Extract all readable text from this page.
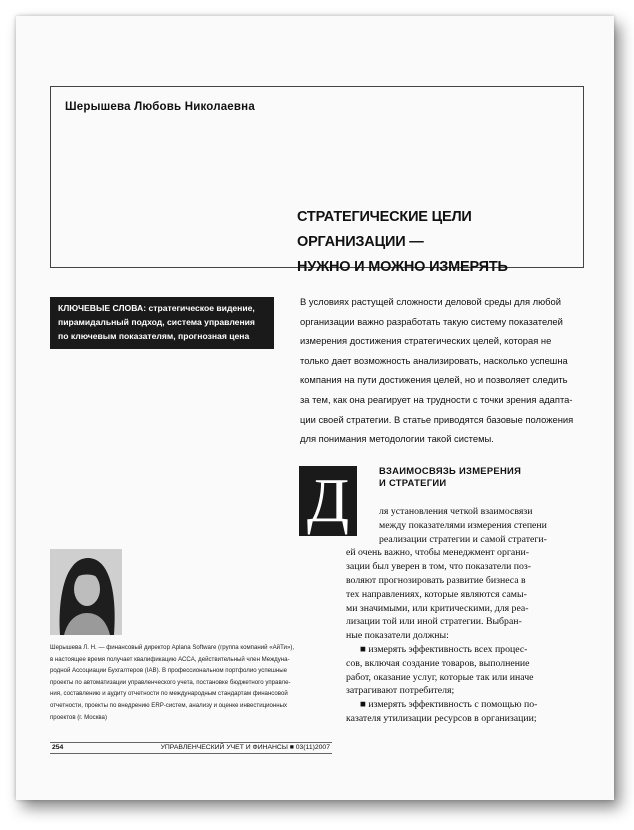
Шерышева Любовь Николаевна
СТРАТЕГИЧЕСКИЕ ЦЕЛИ ОРГАНИЗАЦИИ —
НУЖНО И МОЖНО ИЗМЕРЯТЬ
КЛЮЧЕВЫЕ СЛОВА: стратегическое видение,
пирамидальный подход, система управления
по ключевым показателям, прогнозная цена
В условиях растущей сложности деловой среды для любой
организации важно разработать такую систему показателей
измерения достижения стратегических целей, которая не
только дает возможность анализировать, насколько успешна
компания на пути достижения целей, но и позволяет следить
за тем, как она реагирует на трудности с точки зрения адапта-
ции своей стратегии. В статье приводятся базовые положения
для понимания методологии такой системы.
Д	ВЗАИМОСВЯЗЬ ИЗМЕРЕНИЯ
И СТРАТЕГИИ
ля установления четкой взаимосвязи
между показателями измерения степени
реализации стратегии и самой стратеги-
ей очень важно, чтобы менеджмент органи-
зации был уверен в том, что показатели поз-
воляют прогнозировать развитие бизнеса в
тех направлениях, которые являются самы-
ми значимыми, или критическими, для реа-
лизации той или иной стратегии. Выбран-
ные показатели должны:
■ измерять эффективность всех процес-
сов, включая создание товаров, выполнение
работ, оказание услуг, которые так или иначе
затрагивают потребителя;
■ измерять эффективность с помощью по-
казателя утилизации ресурсов в организации;
Шерышева Л. Н. — финансовый директор Aplana Software (группа компаний «АйТи»),
в настоящее время получает квалификацию АССА, действительный член Междуна-
родной Ассоциации Бухгалтеров (IAB). В профессиональном портфолио успешные
проекты по автоматизации управленческого учета, постановке бюджетного управле-
ния, составлению и аудиту отчетности по международным стандартам финансовой
отчетности, проекты по внедрению ERP-систем, анализу и оценке инвестиционных
проектов (г. Москва)
254	УПРАВЛЕНЧЕСКИЙ УЧЕТ И ФИНАНСЫ ■ 03(11)2007
